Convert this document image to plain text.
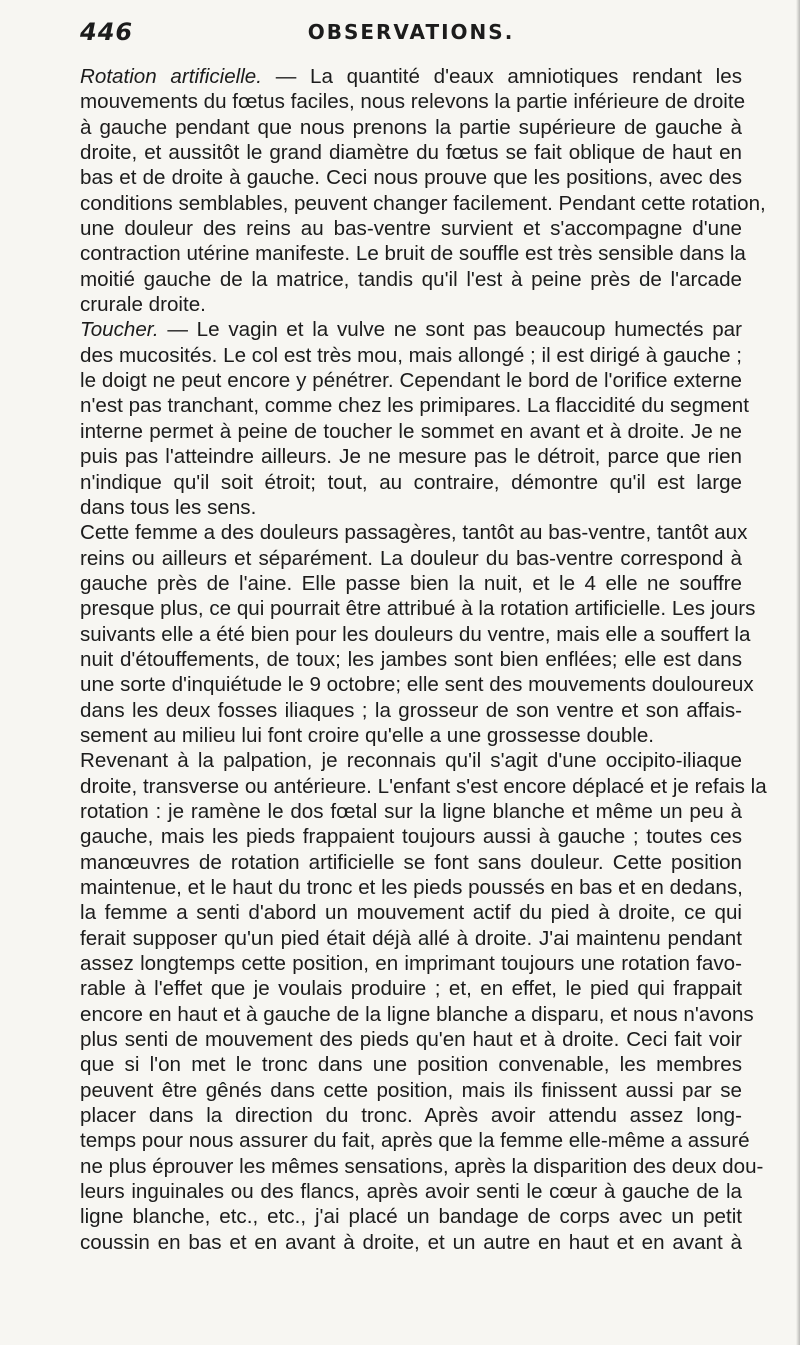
446	OBSERVATIONS.
Rotation artificielle. — La quantité d'eaux amniotiques rendant les
mouvements du fœtus faciles, nous relevons la partie inférieure de droite
à gauche pendant que nous prenons la partie supérieure de gauche à
droite, et aussitôt le grand diamètre du fœtus se fait oblique de haut en
bas et de droite à gauche. Ceci nous prouve que les positions, avec des
conditions semblables, peuvent changer facilement. Pendant cette rotation,
une douleur des reins au bas-ventre survient et s'accompagne d'une
contraction utérine manifeste. Le bruit de souffle est très sensible dans la
moitié gauche de la matrice, tandis qu'il l'est à peine près de l'arcade
crurale droite.
Toucher. — Le vagin et la vulve ne sont pas beaucoup humectés par
des mucosités. Le col est très mou, mais allongé ; il est dirigé à gauche ;
le doigt ne peut encore y pénétrer. Cependant le bord de l'orifice externe
n'est pas tranchant, comme chez les primipares. La flaccidité du segment
interne permet à peine de toucher le sommet en avant et à droite. Je ne
puis pas l'atteindre ailleurs. Je ne mesure pas le détroit, parce que rien
n'indique qu'il soit étroit; tout, au contraire, démontre qu'il est large
dans tous les sens.
Cette femme a des douleurs passagères, tantôt au bas-ventre, tantôt aux
reins ou ailleurs et séparément. La douleur du bas-ventre correspond à
gauche près de l'aine. Elle passe bien la nuit, et le 4 elle ne souffre
presque plus, ce qui pourrait être attribué à la rotation artificielle. Les jours
suivants elle a été bien pour les douleurs du ventre, mais elle a souffert la
nuit d'étouffements, de toux; les jambes sont bien enflées; elle est dans
une sorte d'inquiétude le 9 octobre; elle sent des mouvements douloureux
dans les deux fosses iliaques ; la grosseur de son ventre et son affais-
sement au milieu lui font croire qu'elle a une grossesse double.
Revenant à la palpation, je reconnais qu'il s'agit d'une occipito-iliaque
droite, transverse ou antérieure. L'enfant s'est encore déplacé et je refais la
rotation : je ramène le dos fœtal sur la ligne blanche et même un peu à
gauche, mais les pieds frappaient toujours aussi à gauche ; toutes ces
manœuvres de rotation artificielle se font sans douleur. Cette position
maintenue, et le haut du tronc et les pieds poussés en bas et en dedans,
la femme a senti d'abord un mouvement actif du pied à droite, ce qui
ferait supposer qu'un pied était déjà allé à droite. J'ai maintenu pendant
assez longtemps cette position, en imprimant toujours une rotation favo-
rable à l'effet que je voulais produire ; et, en effet, le pied qui frappait
encore en haut et à gauche de la ligne blanche a disparu, et nous n'avons
plus senti de mouvement des pieds qu'en haut et à droite. Ceci fait voir
que si l'on met le tronc dans une position convenable, les membres
peuvent être gênés dans cette position, mais ils finissent aussi par se
placer dans la direction du tronc. Après avoir attendu assez long-
temps pour nous assurer du fait, après que la femme elle-même a assuré
ne plus éprouver les mêmes sensations, après la disparition des deux dou-
leurs inguinales ou des flancs, après avoir senti le cœur à gauche de la
ligne blanche, etc., etc., j'ai placé un bandage de corps avec un petit
coussin en bas et en avant à droite, et un autre en haut et en avant à
